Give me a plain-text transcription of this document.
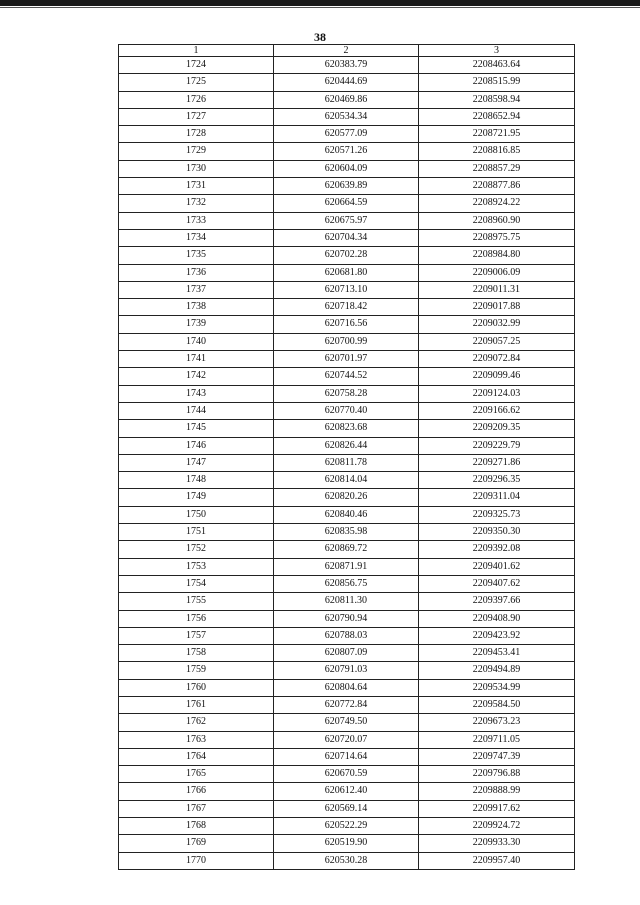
38
1	2	3
1724	620383.79	2208463.64
1725	620444.69	2208515.99
1726	620469.86	2208598.94
1727	620534.34	2208652.94
1728	620577.09	2208721.95
1729	620571.26	2208816.85
1730	620604.09	2208857.29
1731	620639.89	2208877.86
1732	620664.59	2208924.22
1733	620675.97	2208960.90
1734	620704.34	2208975.75
1735	620702.28	2208984.80
1736	620681.80	2209006.09
1737	620713.10	2209011.31
1738	620718.42	2209017.88
1739	620716.56	2209032.99
1740	620700.99	2209057.25
1741	620701.97	2209072.84
1742	620744.52	2209099.46
1743	620758.28	2209124.03
1744	620770.40	2209166.62
1745	620823.68	2209209.35
1746	620826.44	2209229.79
1747	620811.78	2209271.86
1748	620814.04	2209296.35
1749	620820.26	2209311.04
1750	620840.46	2209325.73
1751	620835.98	2209350.30
1752	620869.72	2209392.08
1753	620871.91	2209401.62
1754	620856.75	2209407.62
1755	620811.30	2209397.66
1756	620790.94	2209408.90
1757	620788.03	2209423.92
1758	620807.09	2209453.41
1759	620791.03	2209494.89
1760	620804.64	2209534.99
1761	620772.84	2209584.50
1762	620749.50	2209673.23
1763	620720.07	2209711.05
1764	620714.64	2209747.39
1765	620670.59	2209796.88
1766	620612.40	2209888.99
1767	620569.14	2209917.62
1768	620522.29	2209924.72
1769	620519.90	2209933.30
1770	620530.28	2209957.40
